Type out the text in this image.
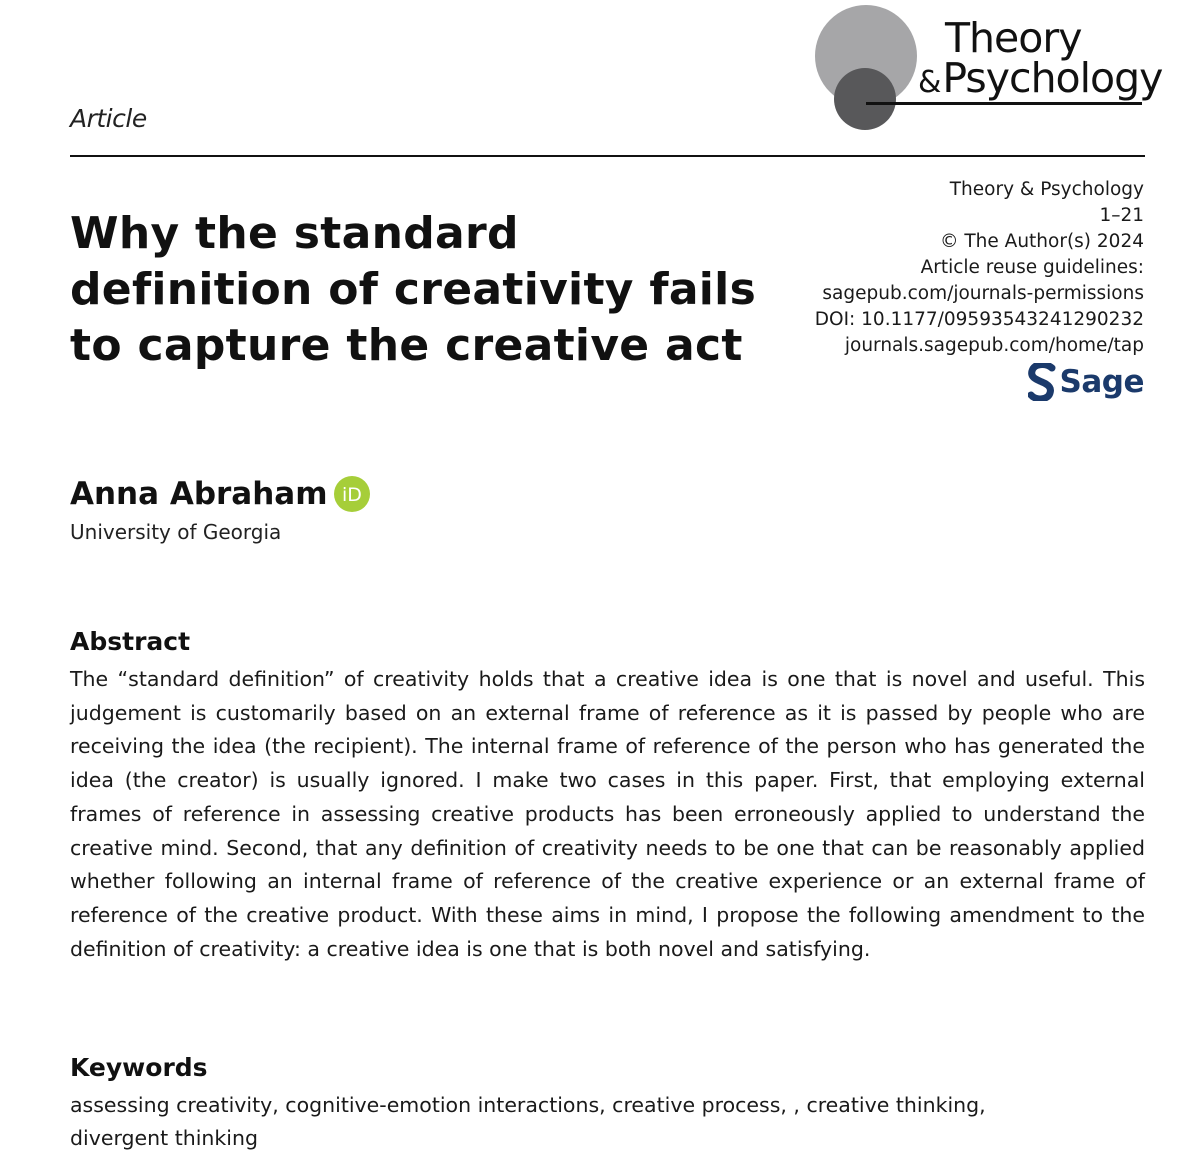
Theory
&Psychology
Article
Why the standard definition of creativity fails to capture the creative act
Theory & Psychology
1–21
© The Author(s) 2024
Article reuse guidelines:
sagepub.com/journals-permissions
DOI: 10.1177/09593543241290232
journals.sagepub.com/home/tap
Sage
Anna Abraham iD
University of Georgia
Abstract

The “standard definition” of creativity holds that a creative idea is one that is novel and useful. This judgement is customarily based on an external frame of reference as it is passed by people who are receiving the idea (the recipient). The internal frame of reference of the person who has generated the idea (the creator) is usually ignored. I make two cases in this paper. First, that employing external frames of reference in assessing creative products has been erroneously applied to understand the creative mind. Second, that any definition of creativity needs to be one that can be reasonably applied whether following an internal frame of reference of the creative experience or an external frame of reference of the creative product. With these aims in mind, I propose the following amendment to the definition of creativity: a creative idea is one that is both novel and satisfying.

Keywords

assessing creativity, cognitive-emotion interactions, creative process, , creative thinking, divergent thinking
